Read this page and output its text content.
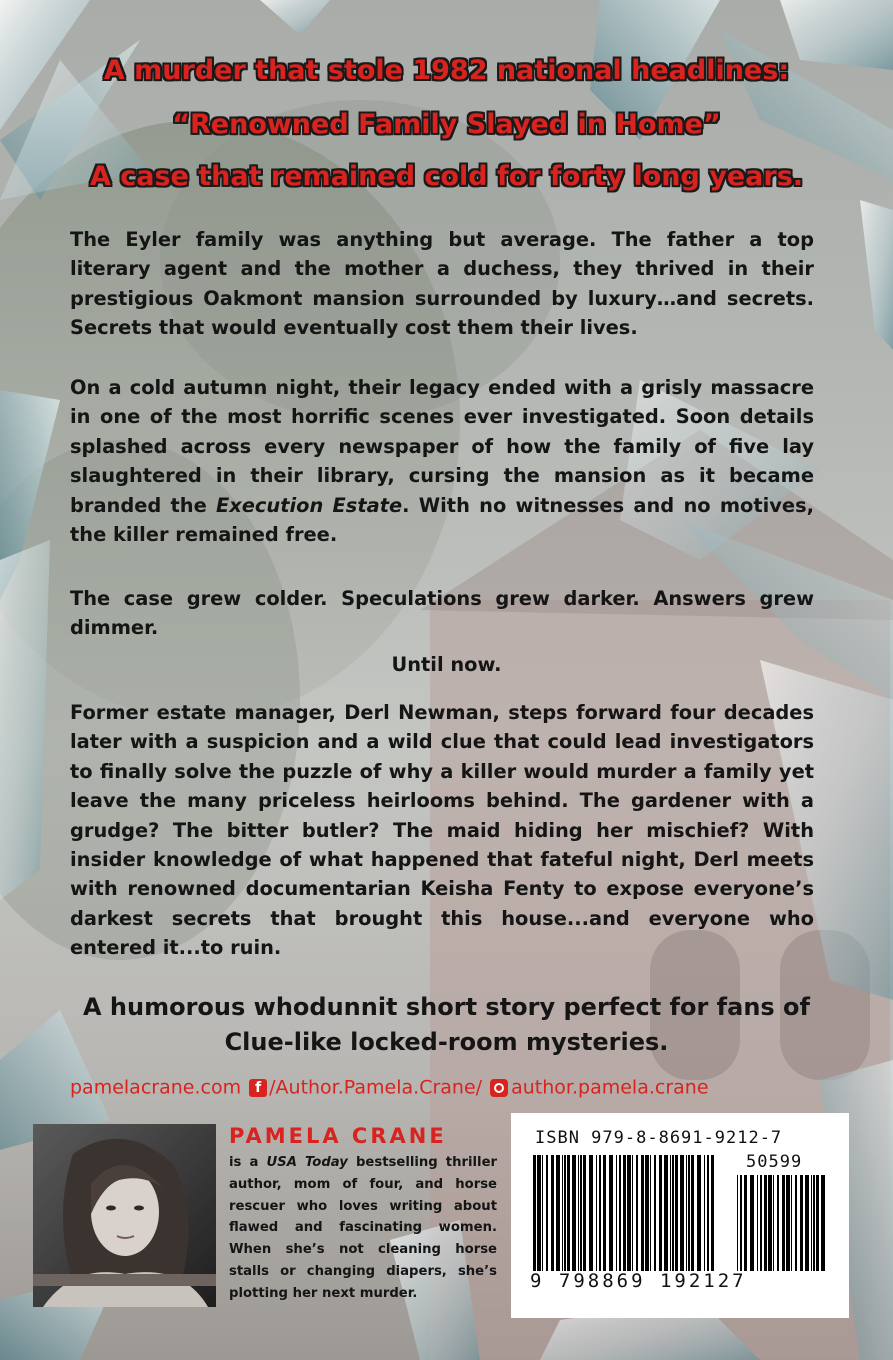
A murder that stole 1982 national headlines:
“Renowned Family Slayed in Home”
A case that remained cold for forty long years.

The Eyler family was anything but average. The father a top literary agent and the mother a duchess, they thrived in their prestigious Oakmont mansion surrounded by luxury…and secrets. Secrets that would eventually cost them their lives.

On a cold autumn night, their legacy ended with a grisly massacre in one of the most horrific scenes ever investigated. Soon details splashed across every newspaper of how the family of five lay slaughtered in their library, cursing the mansion as it became branded the Execution Estate. With no witnesses and no motives, the killer remained free.

The case grew colder. Speculations grew darker. Answers grew dimmer.

Until now.

Former estate manager, Derl Newman, steps forward four decades later with a suspicion and a wild clue that could lead investigators to finally solve the puzzle of why a killer would murder a family yet leave the many priceless heirlooms behind. The gardener with a grudge? The bitter butler? The maid hiding her mischief? With insider knowledge of what happened that fateful night, Derl meets with renowned documentarian Keisha Fenty to expose everyone’s darkest secrets that brought this house...and everyone who entered it...to ruin.

A humorous whodunnit short story perfect for fans of

Clue-like locked-room mysteries.

pamelacrane.com f /Author.Pamela.Crane/ author.pamela.crane
PAMELA CRANE

is a USA Today bestselling thriller author, mom of four, and horse rescuer who loves writing about flawed and fascinating women. When she’s not cleaning horse stalls or changing diapers, she’s plotting her next murder.

ISBN 979-8-8691-9212-7
50599
9 798869 192127
